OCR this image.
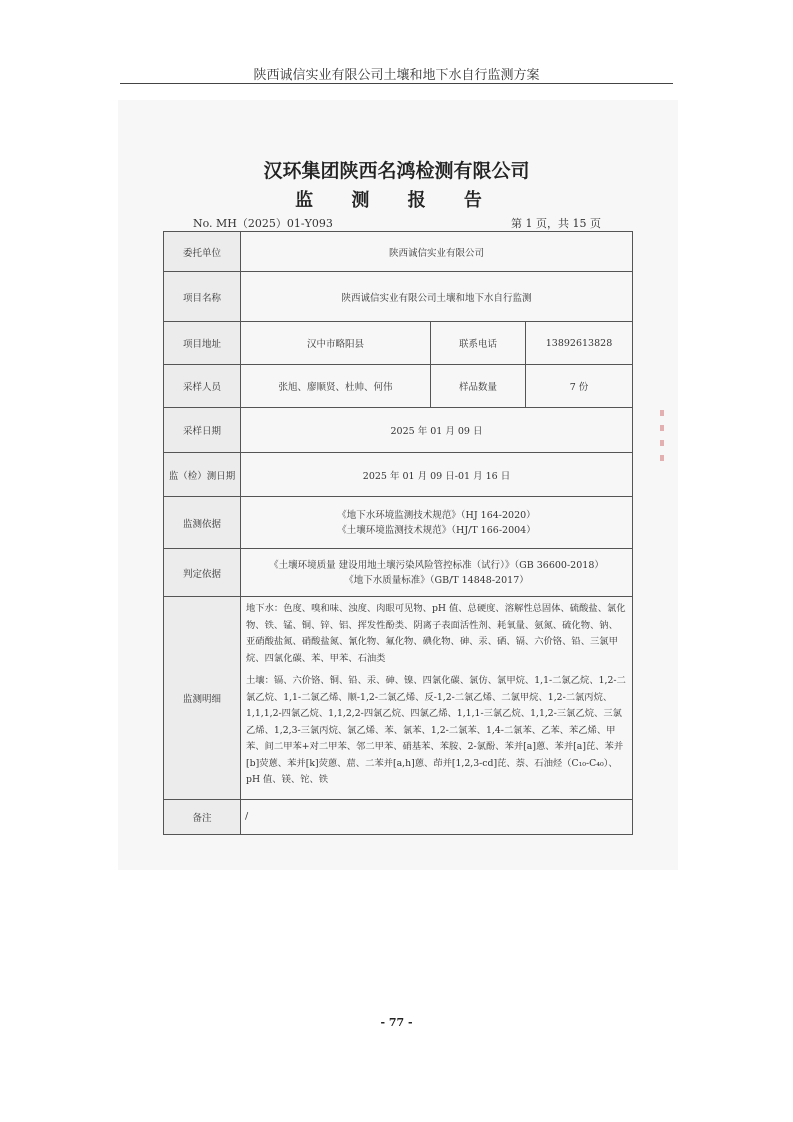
陕西诚信实业有限公司土壤和地下水自行监测方案
汉环集团陕西名鸿检测有限公司
监 测 报 告
No. MH（2025）01-Y093	第 1 页，共 15 页
委托单位	陕西诚信实业有限公司		
项目名称	陕西诚信实业有限公司土壤和地下水自行监测		
项目地址	汉中市略阳县	联系电话	13892613828
采样人员	张旭、廖顺贤、杜帅、何伟	样品数量	7 份
采样日期	2025 年 01 月 09 日		
监（检）测日期	2025 年 01 月 09 日-01 月 16 日		
监测依据	《地下水环境监测技术规范》（HJ 164-2020）
《土壤环境监测技术规范》（HJ/T 166-2004）		

判定依据	《土壤环境质量 建设用地土壤污染风险管控标准（试行）》（GB 36600-2018）
《地下水质量标准》（GB/T 14848-2017）		

监测明细	地下水：色度、嗅和味、浊度、肉眼可见物、pH 值、总硬度、溶解性总固体、硫酸盐、氯化物、铁、锰、铜、锌、铝、挥发性酚类、阴离子表面活性剂、耗氧量、氨氮、硫化物、钠、亚硝酸盐氮、硝酸盐氮、氰化物、氟化物、碘化物、砷、汞、硒、镉、六价铬、铅、三氯甲烷、四氯化碳、苯、甲苯、石油类

土壤：镉、六价铬、铜、铅、汞、砷、镍、四氯化碳、氯仿、氯甲烷、1,1-二氯乙烷、1,2-二氯乙烷、1,1-二氯乙烯、顺-1,2-二氯乙烯、反-1,2-二氯乙烯、二氯甲烷、1,2-二氯丙烷、1,1,1,2-四氯乙烷、1,1,2,2-四氯乙烷、四氯乙烯、1,1,1-三氯乙烷、1,1,2-三氯乙烷、三氯乙烯、1,2,3-三氯丙烷、氯乙烯、苯、氯苯、1,2-二氯苯、1,4-二氯苯、乙苯、苯乙烯、甲苯、间二甲苯+对二甲苯、邻二甲苯、硝基苯、苯胺、2-氯酚、苯并[a]蒽、苯并[a]芘、苯并[b]荧蒽、苯并[k]荧蒽、䓛、二苯并[a,h]蒽、茚并[1,2,3-cd]芘、萘、石油烃（C₁₀-C₄₀）、pH 值、镁、铊、铁		

备注	/		
- 77 -
